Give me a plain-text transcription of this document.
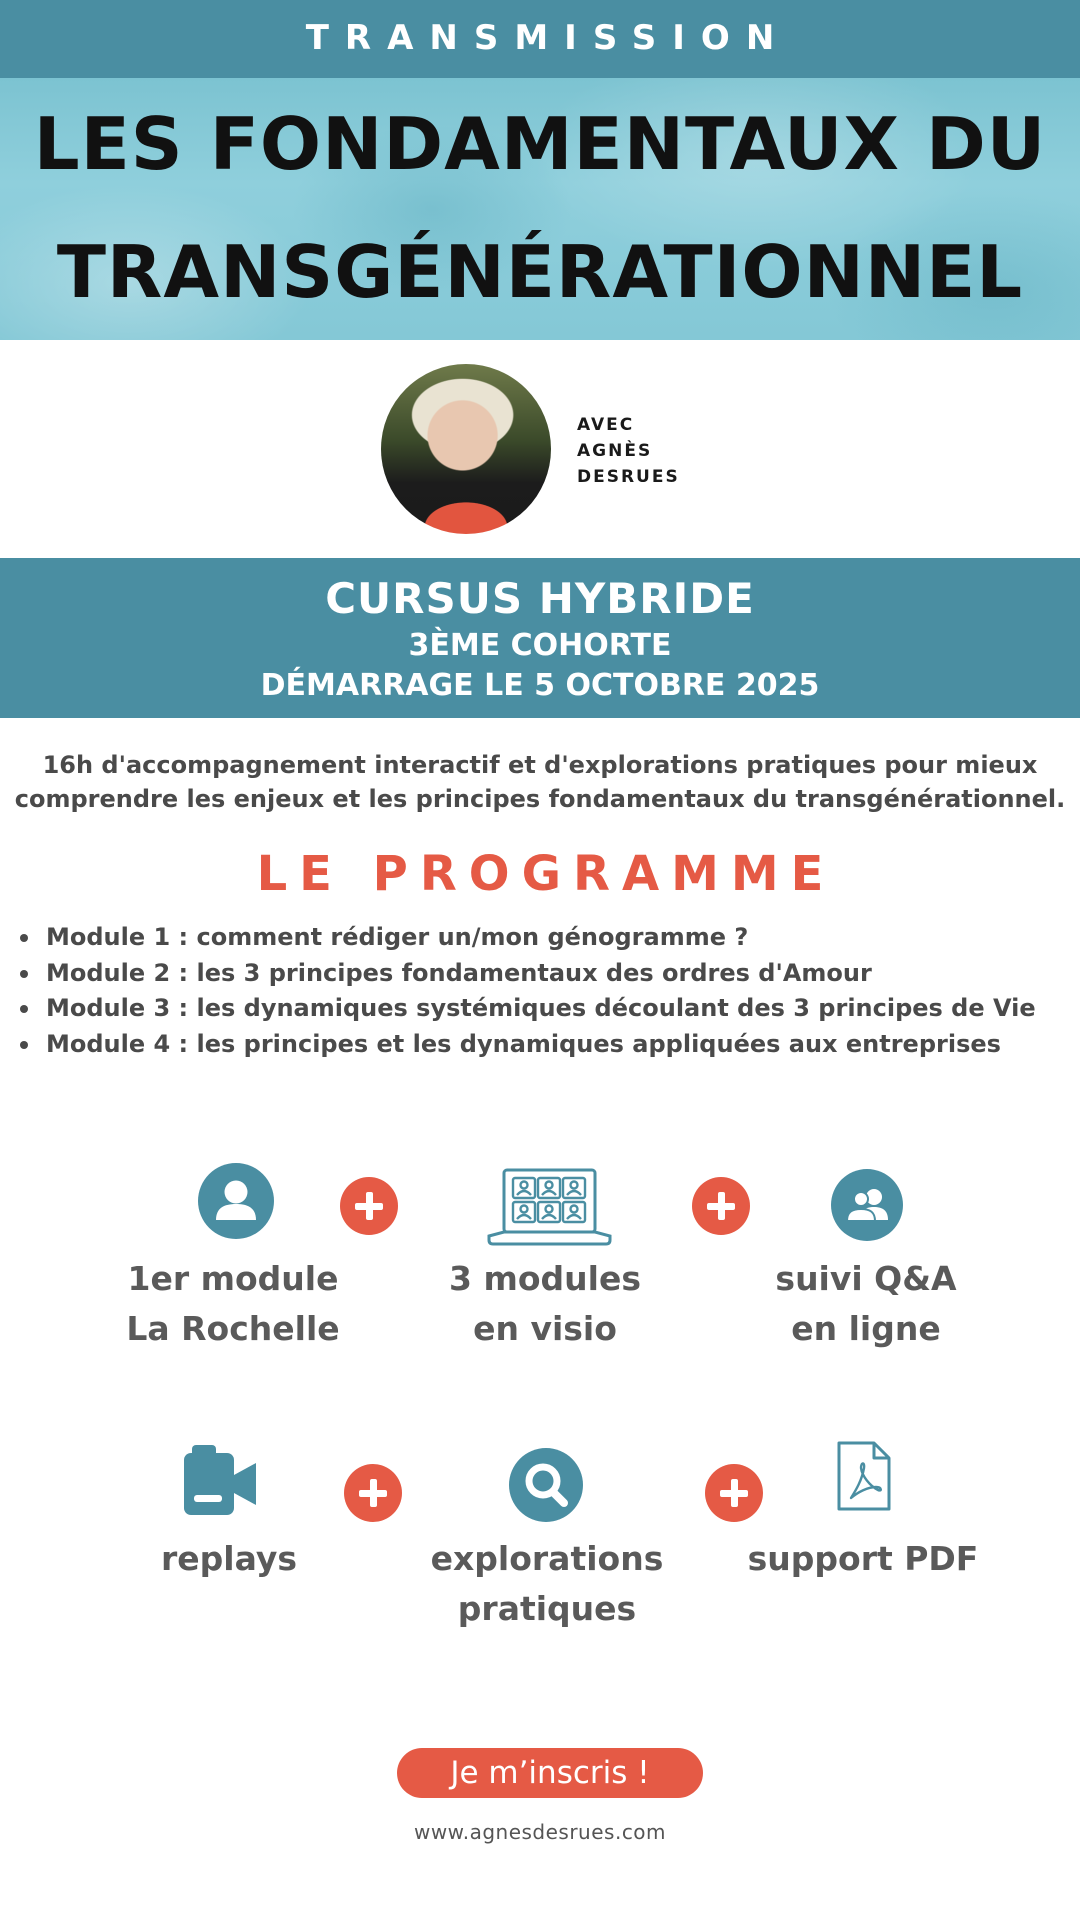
TRANSMISSION
LES FONDAMENTAUX DU
TRANSGÉNÉRATIONNEL
AVEC
AGNÈS
DESRUES
CURSUS HYBRIDE
3ÈME COHORTE
DÉMARRAGE LE 5 OCTOBRE 2025
16h d'accompagnement interactif et d'explorations pratiques pour mieux comprendre les enjeux et les principes fondamentaux du transgénérationnel.
LE PROGRAMME
Module 1 : comment rédiger un/mon génogramme ?
Module 2 : les 3 principes fondamentaux des ordres d'Amour
Module 3 : les dynamiques systémiques découlant des 3 principes de Vie
Module 4 : les principes et les dynamiques appliquées aux entreprises
1er module
La Rochelle
3 modules
en visio
suivi Q&A
en ligne
replays	explorations
pratiques
support PDF
Je m’inscris !
www.agnesdesrues.com
